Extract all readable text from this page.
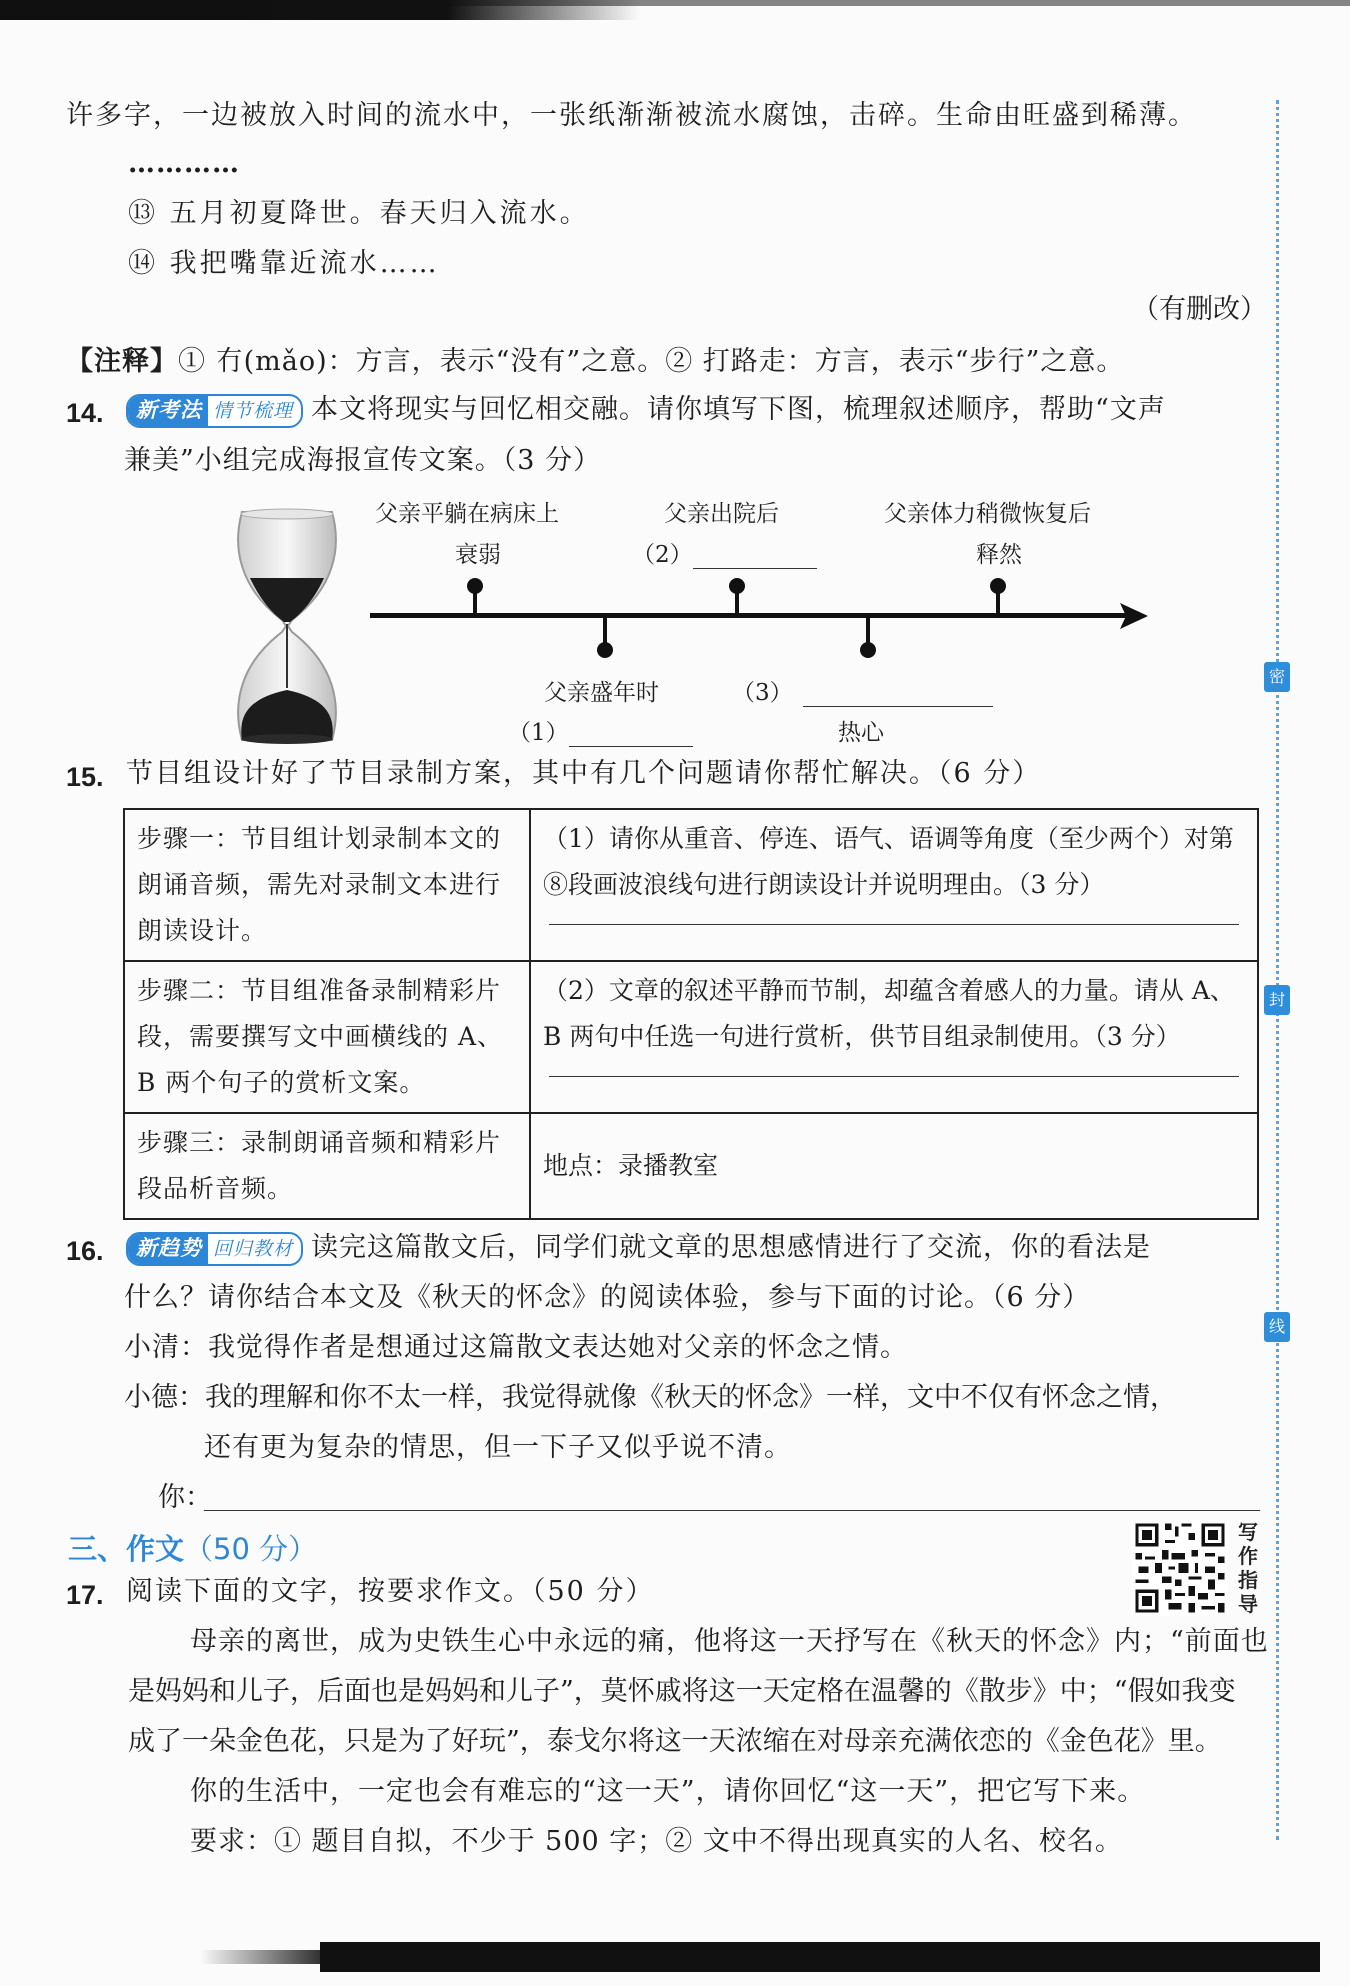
密
封
线
许多字，一边被放入时间的流水中，一张纸渐渐被流水腐蚀，击碎。生命由旺盛到稀薄。
…………
⑬ 五月初夏降世。春天归入流水。
⑭ 我把嘴靠近流水……
（有删改）
【注释】① 冇(mǎo)：方言，表示“没有”之意。② 打路走：方言，表示“步行”之意。
14.	新考法 情节梳理 本文将现实与回忆相交融。请你填写下图，梳理叙述顺序，帮助“文声
兼美”小组完成海报宣传文案。（3 分）
父亲平躺在病床上
衰弱
父亲出院后
（2）
父亲体力稍微恢复后
释然
父亲盛年时
（1）
（3）
热心
15. 节目组设计好了节目录制方案，其中有几个问题请你帮忙解决。（6 分）
步骤一：节目组计划录制本文的朗诵音频，需先对录制文本进行朗读设计。	（1）请你从重音、停连、语气、语调等角度（至少两个）对第⑧段画波浪线句进行朗读设计并说明理由。（3 分）

步骤二：节目组准备录制精彩片段，需要撰写文中画横线的 A、B 两个句子的赏析文案。	（2）文章的叙述平静而节制，却蕴含着感人的力量。请从 A、B 两句中任选一句进行赏析，供节目组录制使用。（3 分）

步骤三：录制朗诵音频和精彩片段品析音频。	地点：录播教室
16.	新趋势 回归教材 读完这篇散文后，同学们就文章的思想感情进行了交流，你的看法是
什么？请你结合本文及《秋天的怀念》的阅读体验，参与下面的讨论。（6 分）
小清：我觉得作者是想通过这篇散文表达她对父亲的怀念之情。
小德：我的理解和你不太一样，我觉得就像《秋天的怀念》一样，文中不仅有怀念之情，
还有更为复杂的情思，但一下子又似乎说不清。
你：
三、作文（50 分）	写
作
指
导
17. 阅读下面的文字，按要求作文。（50 分）
母亲的离世，成为史铁生心中永远的痛，他将这一天抒写在《秋天的怀念》内；“前面也
是妈妈和儿子，后面也是妈妈和儿子”，莫怀戚将这一天定格在温馨的《散步》中；“假如我变
成了一朵金色花，只是为了好玩”，泰戈尔将这一天浓缩在对母亲充满依恋的《金色花》里。
你的生活中，一定也会有难忘的“这一天”，请你回忆“这一天”，把它写下来。
要求：① 题目自拟，不少于 500 字；② 文中不得出现真实的人名、校名。
